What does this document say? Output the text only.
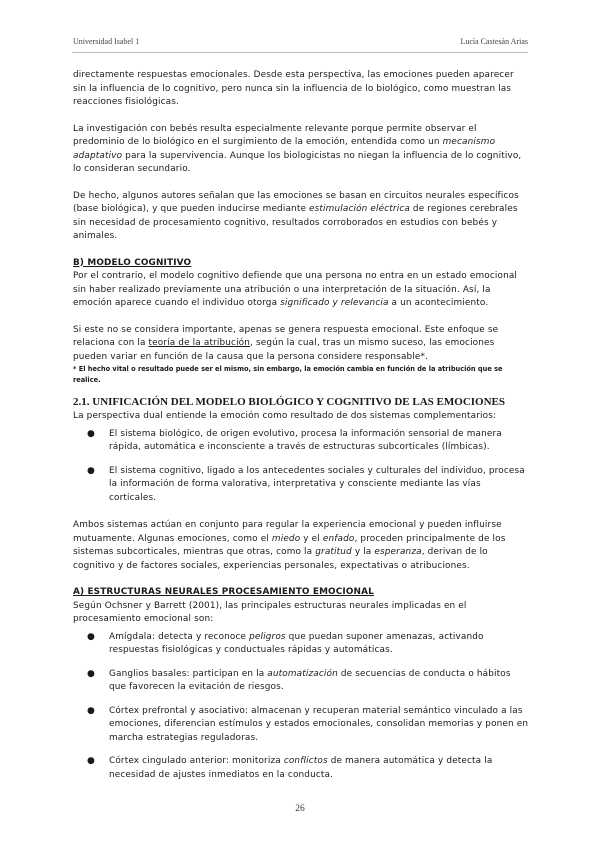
Universidad Isabel 1	Lucía Castesán Arias

directamente respuestas emocionales. Desde esta perspectiva, las emociones pueden aparecer sin la influencia de lo cognitivo, pero nunca sin la influencia de lo biológico, como muestran las reacciones fisiológicas.

La investigación con bebés resulta especialmente relevante porque permite observar el predominio de lo biológico en el surgimiento de la emoción, entendida como un mecanismo adaptativo para la supervivencia. Aunque los biologicistas no niegan la influencia de lo cognitivo, lo consideran secundario.

De hecho, algunos autores señalan que las emociones se basan en circuitos neurales específicos (base biológica), y que pueden inducirse mediante estimulación eléctrica de regiones cerebrales sin necesidad de procesamiento cognitivo, resultados corroborados en estudios con bebés y animales.

B) MODELO COGNITIVO

Por el contrario, el modelo cognitivo defiende que una persona no entra en un estado emocional sin haber realizado previamente una atribución o una interpretación de la situación. Así, la emoción aparece cuando el individuo otorga significado y relevancia a un acontecimiento.

Si este no se considera importante, apenas se genera respuesta emocional. Este enfoque se relaciona con la teoría de la atribución, según la cual, tras un mismo suceso, las emociones pueden variar en función de la causa que la persona considere responsable*.

* El hecho vital o resultado puede ser el mismo, sin embargo, la emoción cambia en función de la atribución que se realice.

2.1. UNIFICACIÓN DEL MODELO BIOLÓGICO Y COGNITIVO DE LAS EMOCIONES

La perspectiva dual entiende la emoción como resultado de dos sistemas complementarios:

● El sistema biológico, de origen evolutivo, procesa la información sensorial de manera rápida, automática e inconsciente a través de estructuras subcorticales (límbicas).
● El sistema cognitivo, ligado a los antecedentes sociales y culturales del individuo, procesa la información de forma valorativa, interpretativa y consciente mediante las vías corticales.

Ambos sistemas actúan en conjunto para regular la experiencia emocional y pueden influirse mutuamente. Algunas emociones, como el miedo y el enfado, proceden principalmente de los sistemas subcorticales, mientras que otras, como la gratitud y la esperanza, derivan de lo cognitivo y de factores sociales, experiencias personales, expectativas o atribuciones.

A) ESTRUCTURAS NEURALES PROCESAMIENTO EMOCIONAL

Según Ochsner y Barrett (2001), las principales estructuras neurales implicadas en el procesamiento emocional son:

● Amígdala: detecta y reconoce peligros que puedan suponer amenazas, activando respuestas fisiológicas y conductuales rápidas y automáticas.
● Ganglios basales: participan en la automatización de secuencias de conducta o hábitos que favorecen la evitación de riesgos.
● Córtex prefrontal y asociativo: almacenan y recuperan material semántico vinculado a las emociones, diferencian estímulos y estados emocionales, consolidan memorias y ponen en marcha estrategias reguladoras.
● Córtex cingulado anterior: monitoriza conflictos de manera automática y detecta la necesidad de ajustes inmediatos en la conducta.
26
